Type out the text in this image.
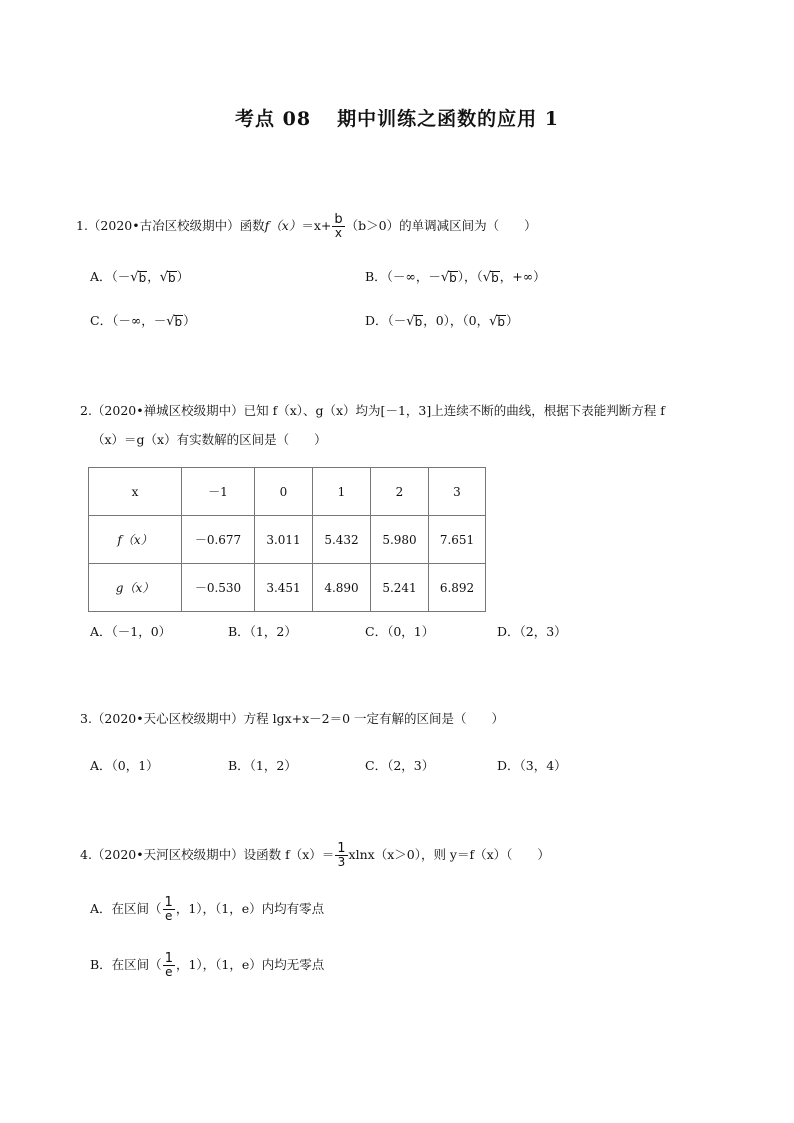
考点 08 期中训练之函数的应用 1
1.（2020•古冶区校级期中）函数$f(x)=x+ \frac{b}{x} (b>0)$的单调减区间为（　　）
A．（－ √ b ， √ b ）	B．（－∞，－ √ b ），（ √ b ，+∞）
C．（－∞，－ √ b ）	D．（－ √ b ，0），（0， √ b ）
2.（2020•禅城区校级期中）已知 f（x）、g（x）均为[－1，3]上连续不断的曲线，根据下表能判断方程 f
（x）＝g（x）有实数解的区间是（　　）
x	－1	0	1	2	3
f（x）	－0.677	3.011	5.432	5.980	7.651
g（x）	－0.530	3.451	4.890	5.241	6.892
A．（－1，0）	B．（1，2）	C．（0，1）	D．（2，3）
3.（2020•天心区校级期中）方程 lgx+x－2＝0 一定有解的区间是（　　）
A．（0，1）	B．（1，2）	C．（2，3）	D．（3，4）
4.（2020•天河区校级期中）设函数 $f(x)= \frac{1}{3} xlnx(x>0)$，则 y＝f（x）（　　）
A．在区间（ $\frac{1}{e}$ ，1），（1，e）内均有零点
B．在区间（ $\frac{1}{e}$ ，1），（1，e）内均无零点
